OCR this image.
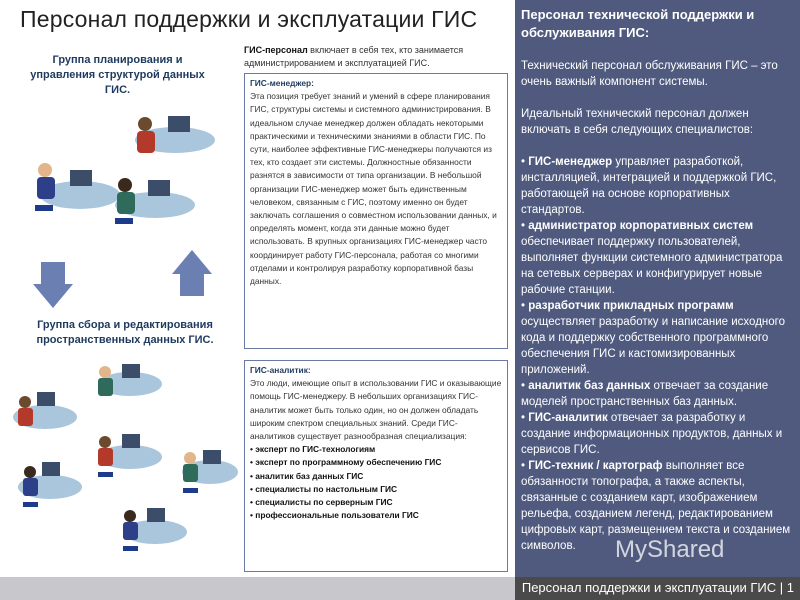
Персонал поддержки и эксплуатации ГИС
Группа планирования и управления структурой данных ГИС.
Группа сбора и редактирования пространственных данных ГИС.
ГИС-персонал включает в себя тех, кто занимается администрированием и эксплуатацией ГИС.
ГИС-менеджер:
Эта позиция требует знаний и умений в сфере планирования ГИС, структуры системы и системного администрирования. В идеальном случае менеджер должен обладать некоторыми практическими и техническими знаниями в области ГИС. По сути, наиболее эффективные ГИС-менеджеры получаются из тех, кто создает эти системы. Должностные обязанности разнятся в зависимости от типа организации. В небольшой организации ГИС-менеджер может быть единственным человеком, связанным с ГИС, поэтому именно он будет заключать соглашения о совместном использовании данных, и определять момент, когда эти данные можно будет использовать. В крупных организациях ГИС-менеджер часто координирует работу ГИС-персонала, работая со многими отделами и контролируя разработку корпоративной базы данных.
ГИС-аналитик:
Это люди, имеющие опыт в использовании ГИС и оказывающие помощь ГИС-менеджеру. В небольших организациях ГИС-аналитик может быть только один, но он должен обладать широким спектром специальных знаний. Среди ГИС-аналитиков существует разнообразная специализация:
• эксперт по ГИС-технологиям
• эксперт по программному обеспечению ГИС
• аналитик баз данных ГИС
• специалисты по настольным ГИС
• специалисты по серверным ГИС
• профессиональные пользователи ГИС
Персонал технической поддержки и обслуживания ГИС:
Технический персонал обслуживания ГИС – это очень важный компонент системы.
Идеальный технический персонал должен включать в себя следующих специалистов:
• ГИС-менеджер управляет разработкой, инсталляцией, интеграцией и поддержкой ГИС, работающей на основе корпоративных стандартов.
• администратор корпоративных систем обеспечивает поддержку пользователей, выполняет функции системного администратора на сетевых серверах и конфигурирует новые рабочие станции.
• разработчик прикладных программ осуществляет разработку и написание исходного кода и поддержку собственного программного обеспечения ГИС и кастомизированных приложений.
• аналитик баз данных отвечает за создание моделей пространственных баз данных.
• ГИС-аналитик отвечает за разработку и создание информационных продуктов, данных и сервисов ГИС.
• ГИС-техник / картограф выполняет все обязанности топографа, а также аспекты, связанные с созданием карт, изображением рельефа, созданием легенд, редактированием цифровых карт, размещением текста и созданием символов.	MyShared
Персонал поддержки и эксплуатации ГИС | 1
